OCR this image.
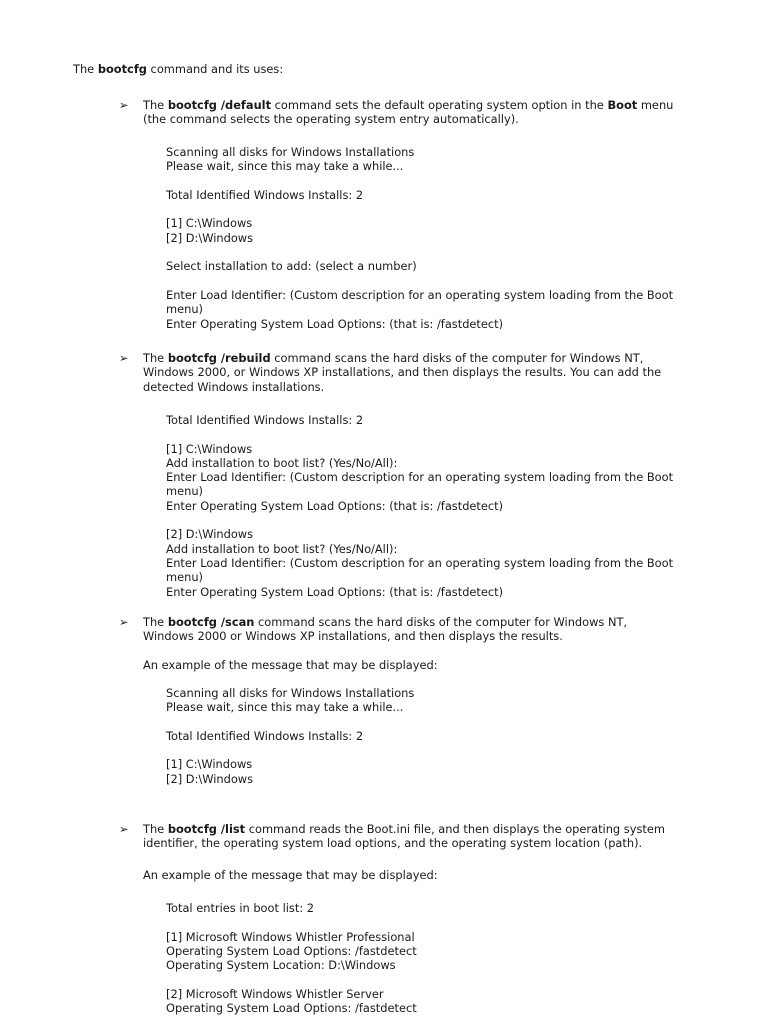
The bootcfg command and its uses:
➢	The bootcfg /default command sets the default operating system option in the Boot menu
(the command selects the operating system entry automatically).
Scanning all disks for Windows Installations
Please wait, since this may take a while...
Total Identified Windows Installs: 2
[1] C:\Windows
[2] D:\Windows
Select installation to add: (select a number)
Enter Load Identifier: (Custom description for an operating system loading from the Boot
menu)
Enter Operating System Load Options: (that is: /fastdetect)
➢	The bootcfg /rebuild command scans the hard disks of the computer for Windows NT,
Windows 2000, or Windows XP installations, and then displays the results. You can add the
detected Windows installations.
Total Identified Windows Installs: 2
[1] C:\Windows
Add installation to boot list? (Yes/No/All):
Enter Load Identifier: (Custom description for an operating system loading from the Boot
menu)
Enter Operating System Load Options: (that is: /fastdetect)
[2] D:\Windows
Add installation to boot list? (Yes/No/All):
Enter Load Identifier: (Custom description for an operating system loading from the Boot
menu)
Enter Operating System Load Options: (that is: /fastdetect)
➢	The bootcfg /scan command scans the hard disks of the computer for Windows NT,
Windows 2000 or Windows XP installations, and then displays the results.
An example of the message that may be displayed:
Scanning all disks for Windows Installations
Please wait, since this may take a while...
Total Identified Windows Installs: 2
[1] C:\Windows
[2] D:\Windows
➢	The bootcfg /list command reads the Boot.ini file, and then displays the operating system
identifier, the operating system load options, and the operating system location (path).
An example of the message that may be displayed:
Total entries in boot list: 2
[1] Microsoft Windows Whistler Professional
Operating System Load Options: /fastdetect
Operating System Location: D:\Windows
[2] Microsoft Windows Whistler Server
Operating System Load Options: /fastdetect
